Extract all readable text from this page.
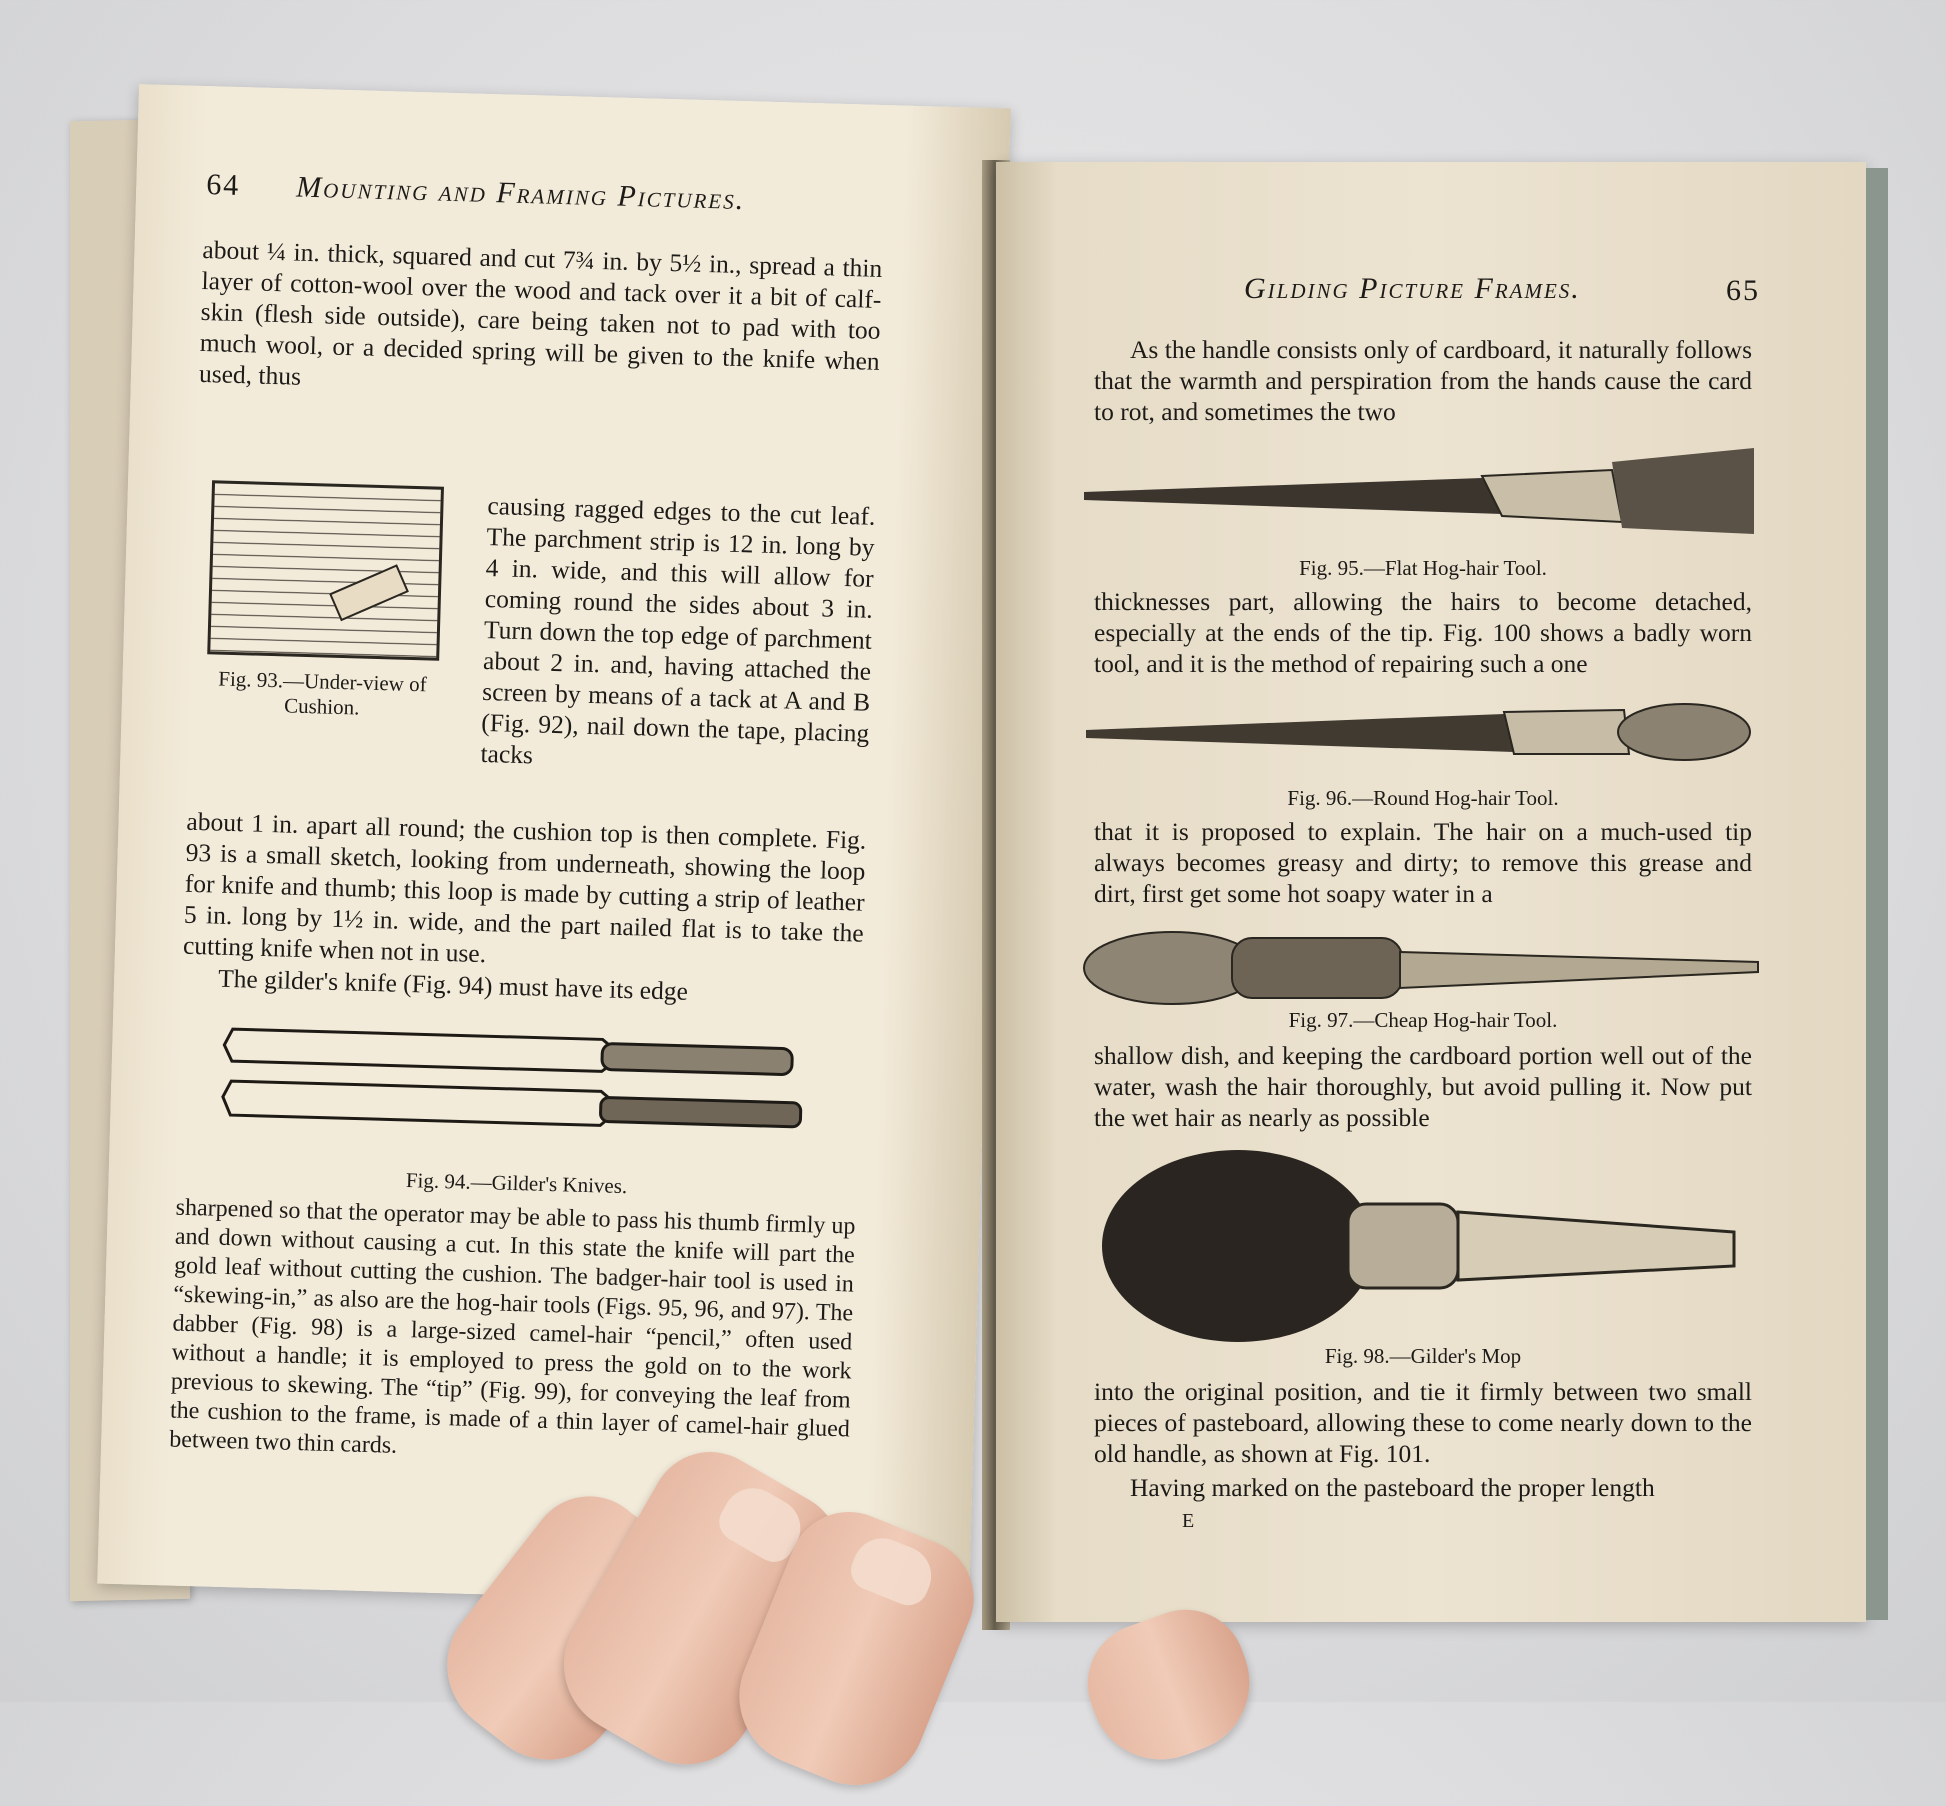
64 Mounting and Framing Pictures.
about ¼ in. thick, squared and cut 7¾ in. by 5½ in., spread a thin layer of cotton-wool over the wood and tack over it a bit of calf-skin (flesh side outside), care being taken not to pad with too much wool, or a decided spring will be given to the knife when used, thus
Fig. 93.—Under-view of Cushion.
causing ragged edges to the cut leaf. The parchment strip is 12 in. long by 4 in. wide, and this will allow for coming round the sides about 3 in. Turn down the top edge of parchment about 2 in. and, having attached the screen by means of a tack at A and B (Fig. 92), nail down the tape, placing tacks
about 1 in. apart all round; the cushion top is then complete. Fig. 93 is a small sketch, looking from underneath, showing the loop for knife and thumb; this loop is made by cutting a strip of leather 5 in. long by 1½ in. wide, and the part nailed flat is to take the cutting knife when not in use.
The gilder's knife (Fig. 94) must have its edge
Fig. 94.—Gilder's Knives.
sharpened so that the operator may be able to pass his thumb firmly up and down without causing a cut. In this state the knife will part the gold leaf without cutting the cushion. The badger-hair tool is used in “skewing-in,” as also are the hog-hair tools (Figs. 95, 96, and 97). The dabber (Fig. 98) is a large-sized camel-hair “pencil,” often used without a handle; it is employed to press the gold on to the work previous to skewing. The “tip” (Fig. 99), for conveying the leaf from the cushion to the frame, is made of a thin layer of camel-hair glued between two thin cards.
Gilding Picture Frames.	65
As the handle consists only of cardboard, it naturally follows that the warmth and perspiration from the hands cause the card to rot, and sometimes the two
Fig. 95.—Flat Hog-hair Tool.
thicknesses part, allowing the hairs to become detached, especially at the ends of the tip. Fig. 100 shows a badly worn tool, and it is the method of repairing such a one
Fig. 96.—Round Hog-hair Tool.
that it is proposed to explain. The hair on a much-used tip always becomes greasy and dirty; to remove this grease and dirt, first get some hot soapy water in a
Fig. 97.—Cheap Hog-hair Tool.
shallow dish, and keeping the cardboard portion well out of the water, wash the hair thoroughly, but avoid pulling it. Now put the wet hair as nearly as possible
Fig. 98.—Gilder's Mop
into the original position, and tie it firmly between two small pieces of pasteboard, allowing these to come nearly down to the old handle, as shown at Fig. 101.
Having marked on the pasteboard the proper length
E
